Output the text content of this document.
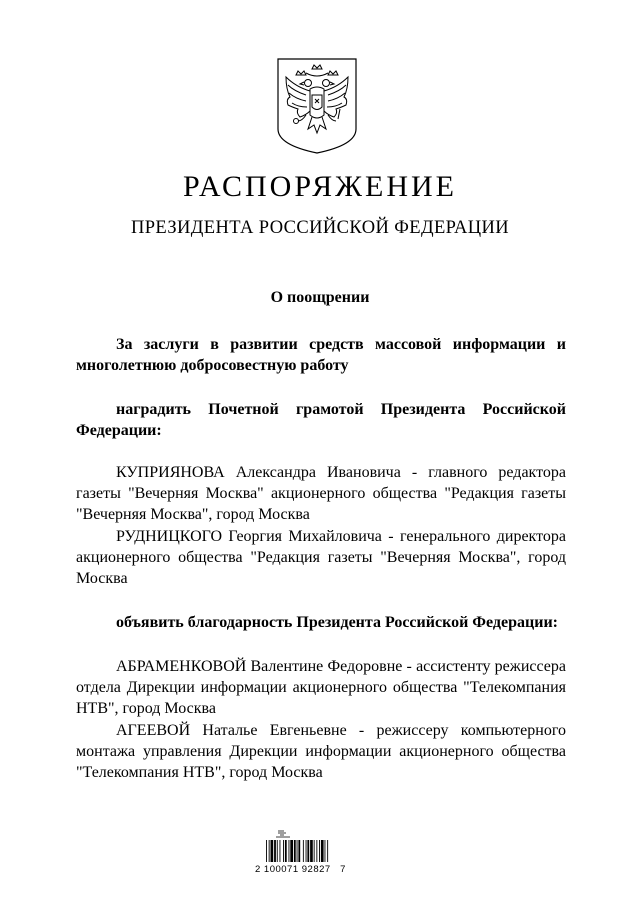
РАСПОРЯЖЕНИЕ
ПРЕЗИДЕНТА РОССИЙСКОЙ ФЕДЕРАЦИИ
О поощрении
За заслуги в развитии средств массовой информации и многолетнюю добросовестную работу
наградить Почетной грамотой Президента Российской Федерации:
КУПРИЯНОВА Александра Ивановича - главного редактора газеты "Вечерняя Москва" акционерного общества "Редакция газеты "Вечерняя Москва", город Москва
РУДНИЦКОГО Георгия Михайловича - генерального директора акционерного общества "Редакция газеты "Вечерняя Москва", город Москва
объявить благодарность Президента Российской Федерации:
АБРАМЕНКОВОЙ Валентине Федоровне - ассистенту режиссера отдела Дирекции информации акционерного общества "Телекомпания НТВ", город Москва
АГЕЕВОЙ Наталье Евгеньевне - режиссеру компьютерного монтажа управления Дирекции информации акционерного общества "Телекомпания НТВ", город Москва
2 100071 92827   7
